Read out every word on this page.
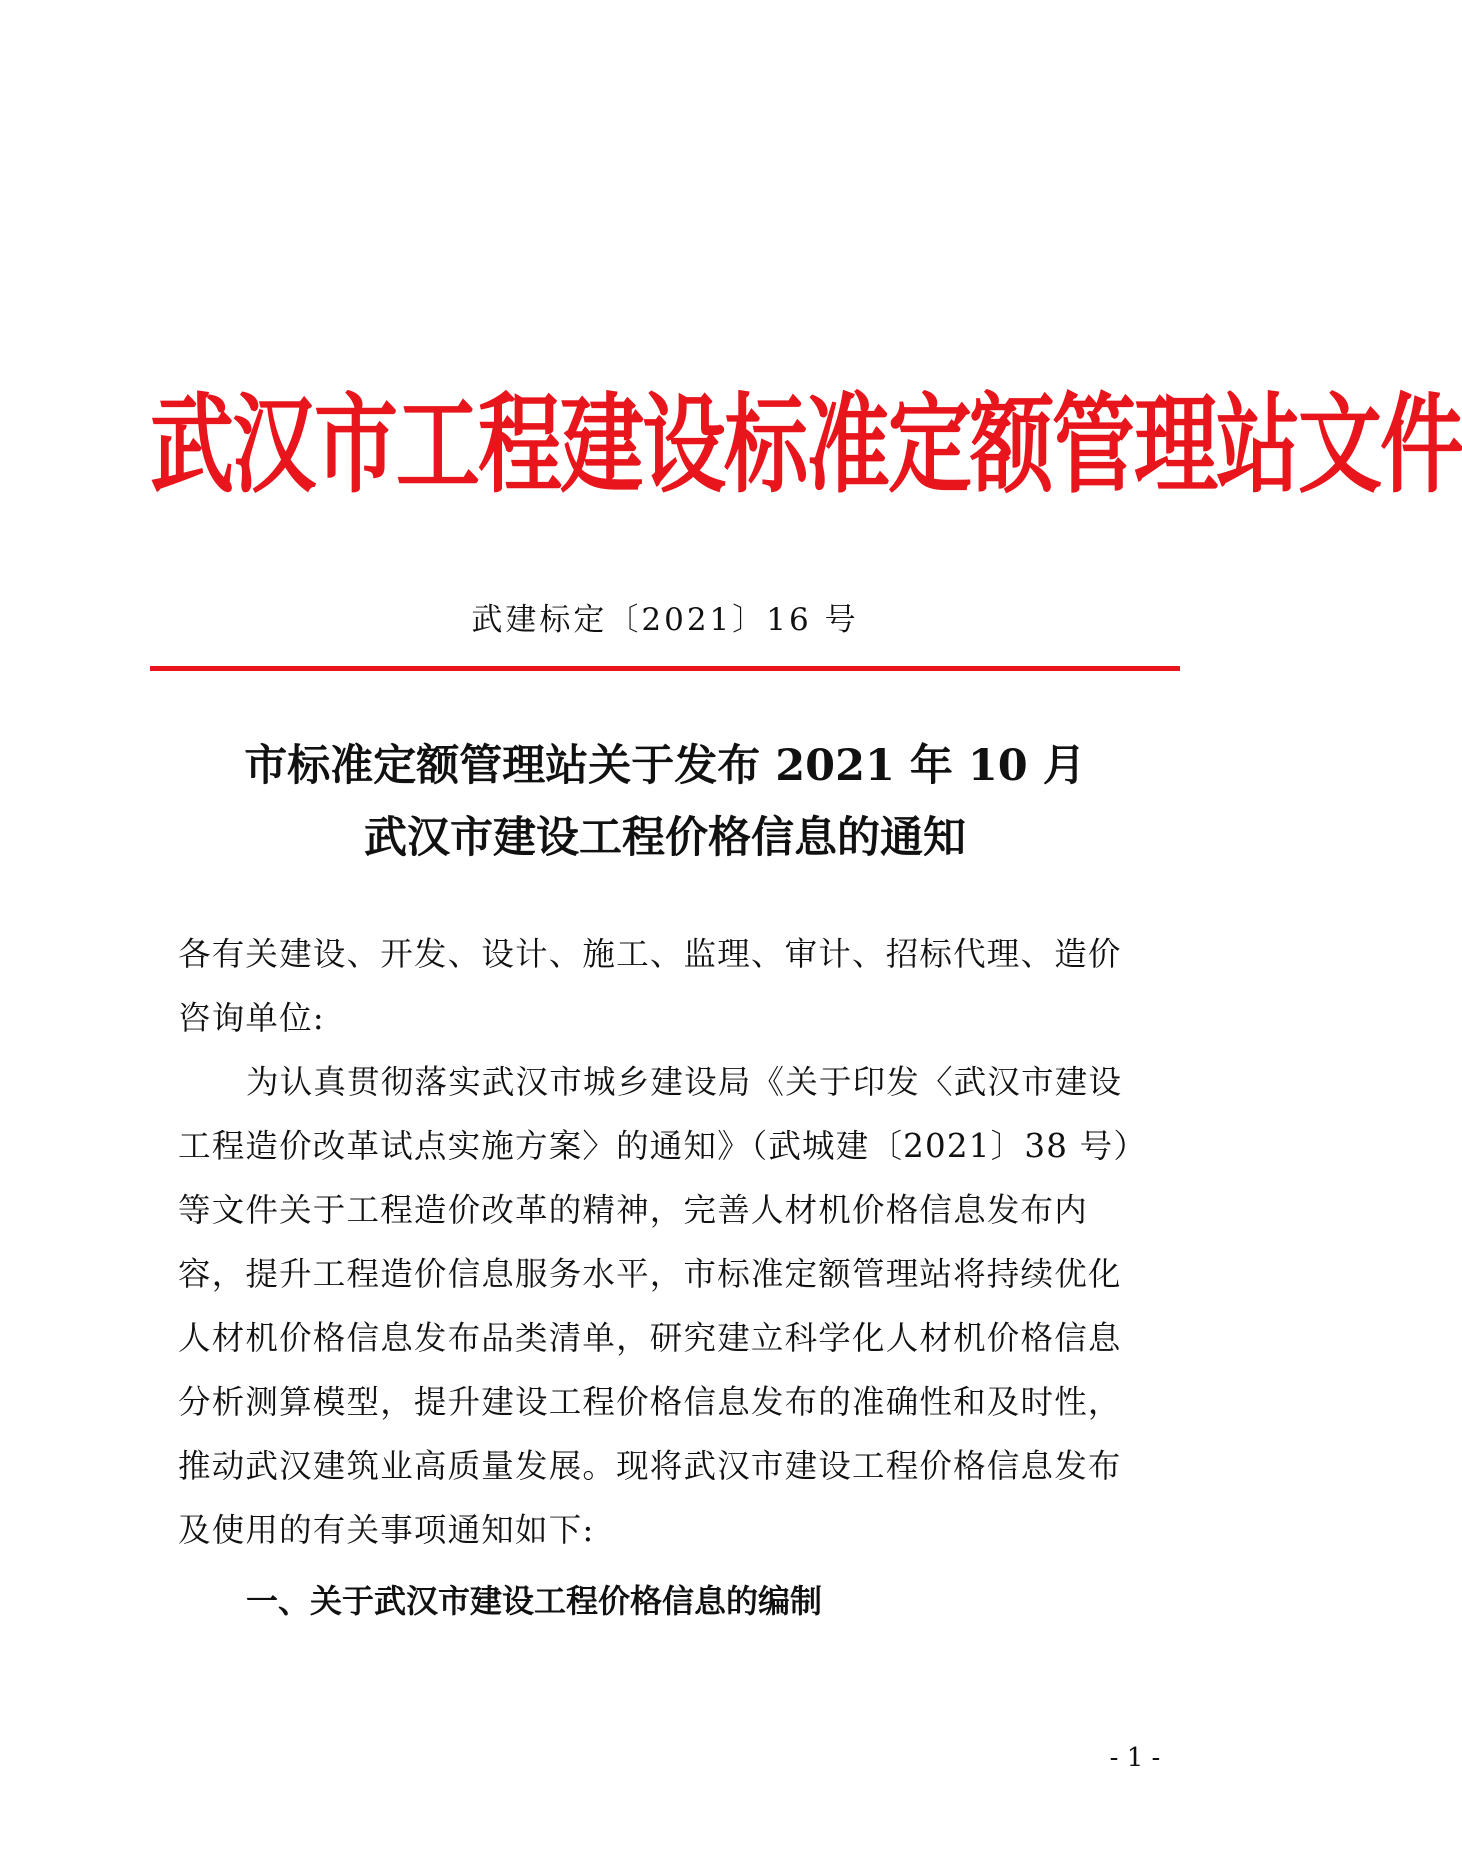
武汉市工程建设标准定额管理站文件
武建标定〔2021〕16 号
市标准定额管理站关于发布 2021 年 10 月
武汉市建设工程价格信息的通知
各有关建设、开发、设计、施工、监理、审计、招标代理、造价
咨询单位:
为认真贯彻落实武汉市城乡建设局《关于印发〈武汉市建设
工程造价改革试点实施方案〉的通知》（武城建〔2021〕38 号）
等文件关于工程造价改革的精神，完善人材机价格信息发布内
容，提升工程造价信息服务水平，市标准定额管理站将持续优化
人材机价格信息发布品类清单，研究建立科学化人材机价格信息
分析测算模型，提升建设工程价格信息发布的准确性和及时性，
推动武汉建筑业高质量发展。现将武汉市建设工程价格信息发布
及使用的有关事项通知如下:
一、关于武汉市建设工程价格信息的编制
- 1 -
